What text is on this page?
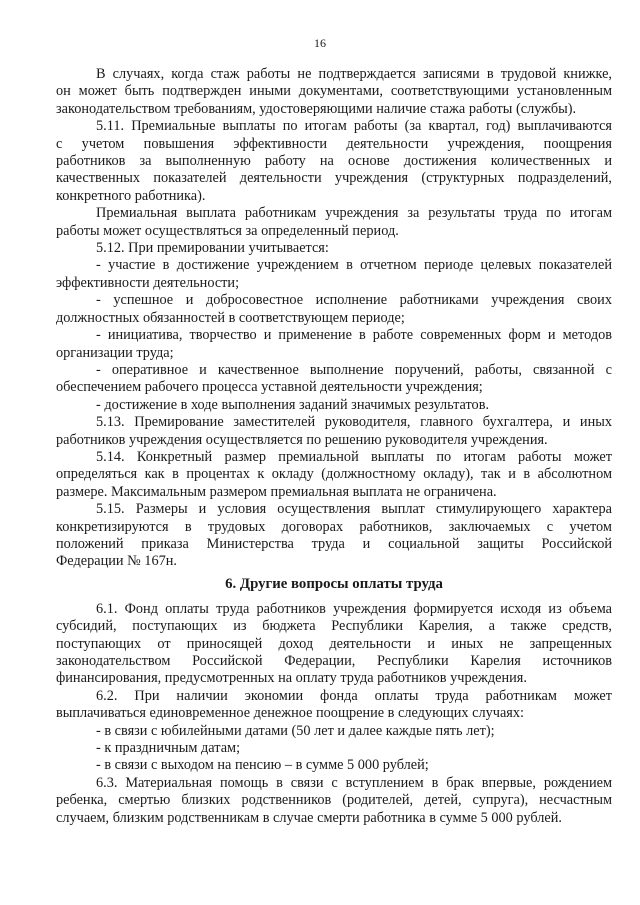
16
В случаях, когда стаж работы не подтверждается записями в трудовой книжке,
он может быть подтвержден иными документами, соответствующими установленным
законодательством требованиям, удостоверяющими наличие стажа работы (службы).
5.11. Премиальные выплаты по итогам работы (за квартал, год) выплачиваются
с учетом повышения эффективности деятельности учреждения, поощрения
работников за выполненную работу на основе достижения количественных и
качественных показателей деятельности учреждения (структурных подразделений,
конкретного работника).
Премиальная выплата работникам учреждения за результаты труда по итогам
работы может осуществляться за определенный период.
5.12. При премировании учитывается:
- участие в достижение учреждением в отчетном периоде целевых показателей
эффективности деятельности;
- успешное и добросовестное исполнение работниками учреждения своих
должностных обязанностей в соответствующем периоде;
- инициатива, творчество и применение в работе современных форм и методов
организации труда;
- оперативное и качественное выполнение поручений, работы, связанной с
обеспечением рабочего процесса уставной деятельности учреждения;
- достижение в ходе выполнения заданий значимых результатов.
5.13. Премирование заместителей руководителя, главного бухгалтера, и иных
работников учреждения осуществляется по решению руководителя учреждения.
5.14. Конкретный размер премиальной выплаты по итогам работы может
определяться как в процентах к окладу (должностному окладу), так и в абсолютном
размере. Максимальным размером премиальная выплата не ограничена.
5.15. Размеры и условия осуществления выплат стимулирующего характера
конкретизируются в трудовых договорах работников, заключаемых с учетом
положений приказа Министерства труда и социальной защиты Российской
Федерации № 167н.
6. Другие вопросы оплаты труда
6.1. Фонд оплаты труда работников учреждения формируется исходя из объема
субсидий, поступающих из бюджета Республики Карелия, а также средств,
поступающих от приносящей доход деятельности и иных не запрещенных
законодательством Российской Федерации, Республики Карелия источников
финансирования, предусмотренных на оплату труда работников учреждения.
6.2. При наличии экономии фонда оплаты труда работникам может
выплачиваться единовременное денежное поощрение в следующих случаях:
- в связи с юбилейными датами (50 лет и далее каждые пять лет);
- к праздничным датам;
- в связи с выходом на пенсию – в сумме 5 000 рублей;
6.3. Материальная помощь в связи с вступлением в брак впервые, рождением
ребенка, смертью близких родственников (родителей, детей, супруга), несчастным
случаем, близким родственникам в случае смерти работника в сумме 5 000 рублей.
